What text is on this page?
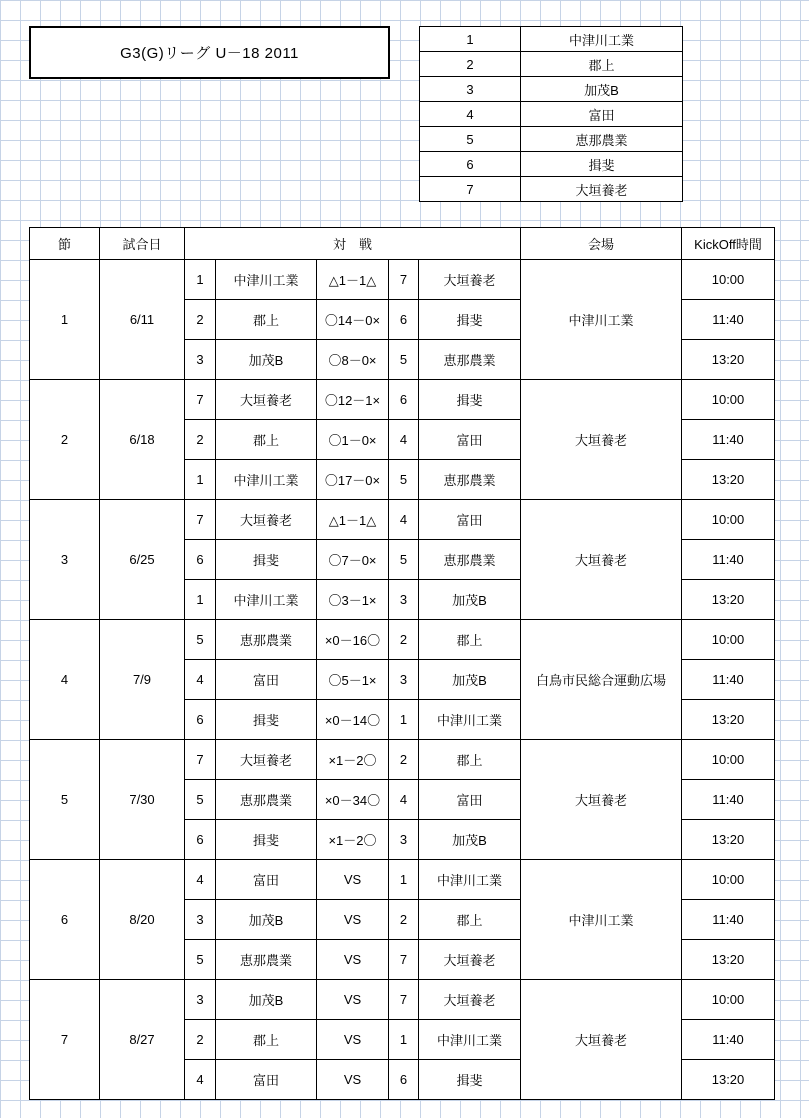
G3(G)リーグ U－18 2011
1	中津川工業
2	郡上
3	加茂B
4	富田
5	恵那農業
6	揖斐
7	大垣養老
節	試合日	対　戦					会場	KickOff時間
1	6/11	1	中津川工業	△1－1△	7	大垣養老	中津川工業	10:00
		2	郡上	〇14－0×	6	揖斐		11:40
		3	加茂B	〇8－0×	5	恵那農業		13:20
2	6/18	7	大垣養老	〇12－1×	6	揖斐	大垣養老	10:00
		2	郡上	〇1－0×	4	富田		11:40
		1	中津川工業	〇17－0×	5	恵那農業		13:20
3	6/25	7	大垣養老	△1－1△	4	富田	大垣養老	10:00
		6	揖斐	〇7－0×	5	恵那農業		11:40
		1	中津川工業	〇3－1×	3	加茂B		13:20
4	7/9	5	恵那農業	×0－16〇	2	郡上	白鳥市民総合運動広場	10:00
		4	富田	〇5－1×	3	加茂B		11:40
		6	揖斐	×0－14〇	1	中津川工業		13:20
5	7/30	7	大垣養老	×1－2〇	2	郡上	大垣養老	10:00
		5	恵那農業	×0－34〇	4	富田		11:40
		6	揖斐	×1－2〇	3	加茂B		13:20
6	8/20	4	富田	VS	1	中津川工業	中津川工業	10:00
		3	加茂B	VS	2	郡上		11:40
		5	恵那農業	VS	7	大垣養老		13:20
7	8/27	3	加茂B	VS	7	大垣養老	大垣養老	10:00
		2	郡上	VS	1	中津川工業		11:40
		4	富田	VS	6	揖斐		13:20
